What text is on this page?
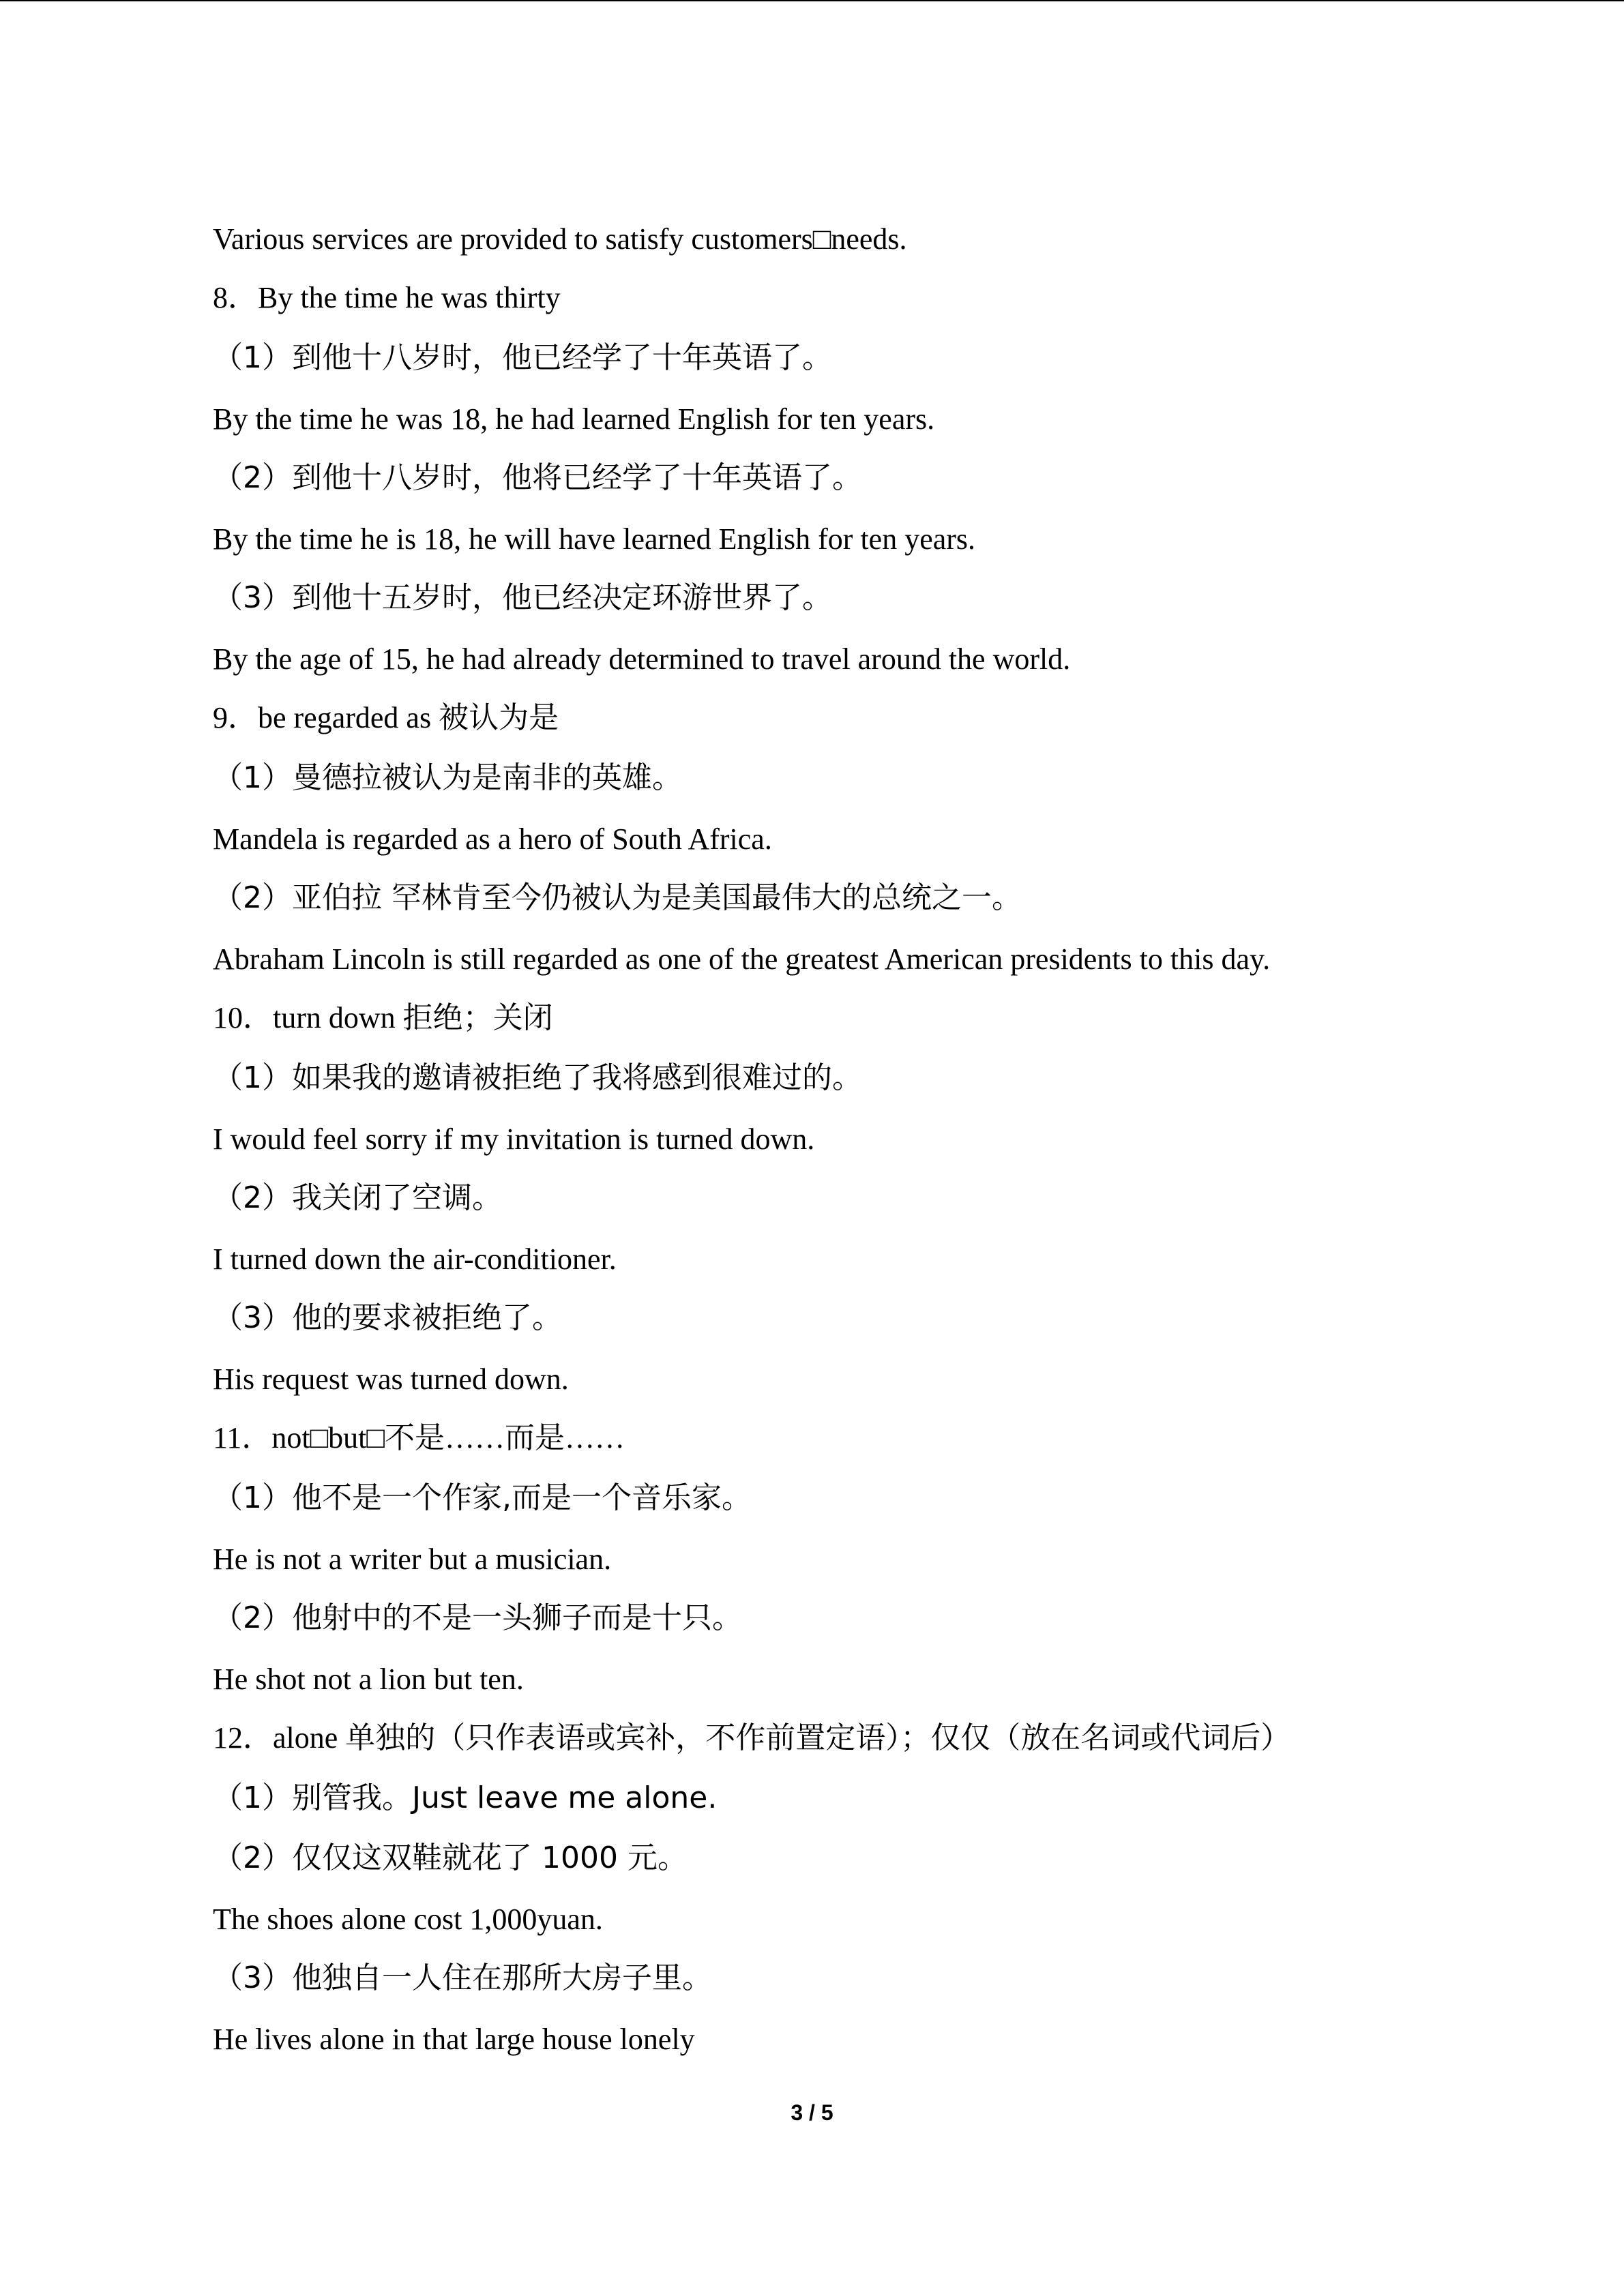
Various services are provided to satisfy customers□needs.

8．By the time he was thirty

（1）到他十八岁时，他已经学了十年英语了。

By the time he was 18, he had learned English for ten years.

（2）到他十八岁时，他将已经学了十年英语了。

By the time he is 18, he will have learned English for ten years.

（3）到他十五岁时，他已经决定环游世界了。

By the age of 15, he had already determined to travel around the world.

9．be regarded as 被认为是

（1）曼德拉被认为是南非的英雄。

Mandela is regarded as a hero of South Africa.

（2）亚伯拉 罕林肯至今仍被认为是美国最伟大的总统之一。

Abraham Lincoln is still regarded as one of the greatest American presidents to this day.

10．turn down 拒绝；关闭

（1）如果我的邀请被拒绝了我将感到很难过的。

I would feel sorry if my invitation is turned down.

（2）我关闭了空调。

I turned down the air-conditioner.

（3）他的要求被拒绝了。

His request was turned down.

11．not□but□不是……而是……

（1）他不是一个作家,而是一个音乐家。

He is not a writer but a musician.

（2）他射中的不是一头狮子而是十只。

He shot not a lion but ten.

12．alone 单独的（只作表语或宾补，不作前置定语）；仅仅（放在名词或代词后）

（1）别管我。Just leave me alone.

（2）仅仅这双鞋就花了 1000 元。

The shoes alone cost 1,000yuan.

（3）他独自一人住在那所大房子里。

He lives alone in that large house lonely

3 / 5
